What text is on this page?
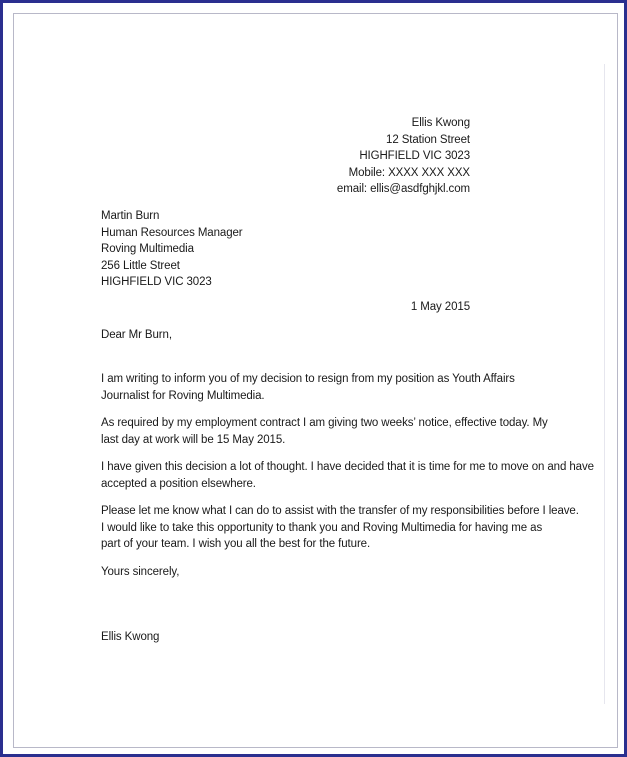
Ellis Kwong
12 Station Street
HIGHFIELD VIC 3023
Mobile: XXXX XXX XXX
email: ellis@asdfghjkl.com
Martin Burn
Human Resources Manager
Roving Multimedia
256 Little Street
HIGHFIELD VIC 3023
1 May 2015
Dear Mr Burn,
I am writing to inform you of my decision to resign from my position as Youth Affairs
Journalist for Roving Multimedia.
As required by my employment contract I am giving two weeks’ notice, effective today. My
last day at work will be 15 May 2015.
I have given this decision a lot of thought. I have decided that it is time for me to move on and have
accepted a position elsewhere.
Please let me know what I can do to assist with the transfer of my responsibilities before I leave.
I would like to take this opportunity to thank you and Roving Multimedia for having me as
part of your team. I wish you all the best for the future.
Yours sincerely,
Ellis Kwong
